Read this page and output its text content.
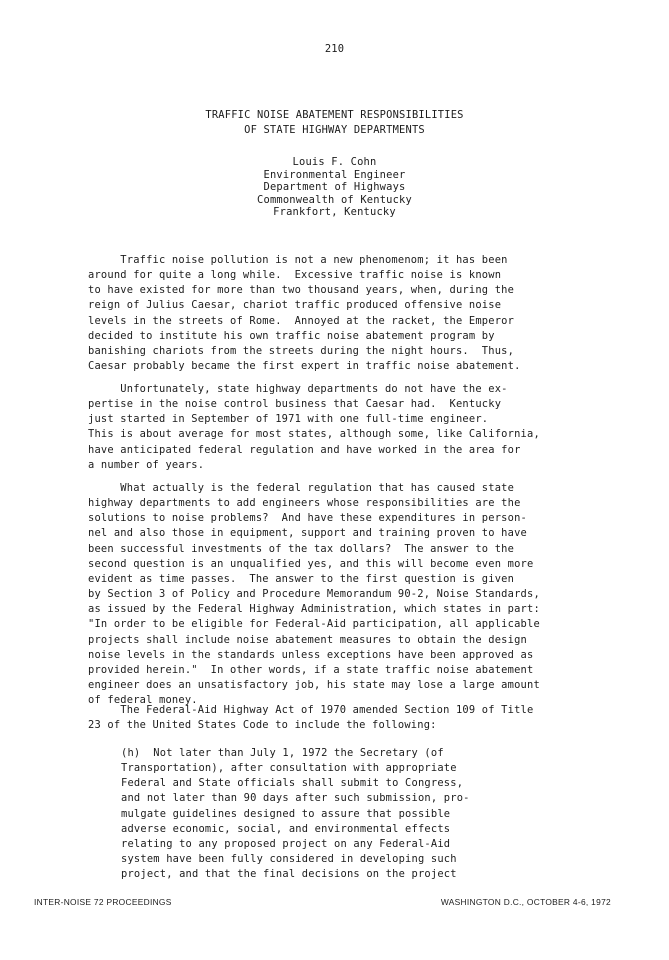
210
TRAFFIC NOISE ABATEMENT RESPONSIBILITIES
OF STATE HIGHWAY DEPARTMENTS
Louis F. Cohn
Environmental Engineer
Department of Highways
Commonwealth of Kentucky
Frankfort, Kentucky
Traffic noise pollution is not a new phenomenom; it has been
around for quite a long while.  Excessive traffic noise is known
to have existed for more than two thousand years, when, during the
reign of Julius Caesar, chariot traffic produced offensive noise
levels in the streets of Rome.  Annoyed at the racket, the Emperor
decided to institute his own traffic noise abatement program by
banishing chariots from the streets during the night hours.  Thus,
Caesar probably became the first expert in traffic noise abatement.
Unfortunately, state highway departments do not have the ex-
pertise in the noise control business that Caesar had.  Kentucky
just started in September of 1971 with one full-time engineer.
This is about average for most states, although some, like California,
have anticipated federal regulation and have worked in the area for
a number of years.
What actually is the federal regulation that has caused state
highway departments to add engineers whose responsibilities are the
solutions to noise problems?  And have these expenditures in person-
nel and also those in equipment, support and training proven to have
been successful investments of the tax dollars?  The answer to the
second question is an unqualified yes, and this will become even more
evident as time passes.  The answer to the first question is given
by Section 3 of Policy and Procedure Memorandum 90-2, Noise Standards,
as issued by the Federal Highway Administration, which states in part:
"In order to be eligible for Federal-Aid participation, all applicable
projects shall include noise abatement measures to obtain the design
noise levels in the standards unless exceptions have been approved as
provided herein."  In other words, if a state traffic noise abatement
engineer does an unsatisfactory job, his state may lose a large amount
of federal money.
The Federal-Aid Highway Act of 1970 amended Section 109 of Title
23 of the United States Code to include the following:
(h)  Not later than July 1, 1972 the Secretary (of
Transportation), after consultation with appropriate
Federal and State officials shall submit to Congress,
and not later than 90 days after such submission, pro-
mulgate guidelines designed to assure that possible
adverse economic, social, and environmental effects
relating to any proposed project on any Federal-Aid
system have been fully considered in developing such
project, and that the final decisions on the project
INTER-NOISE 72 PROCEEDINGS	WASHINGTON D.C., OCTOBER 4-6, 1972
